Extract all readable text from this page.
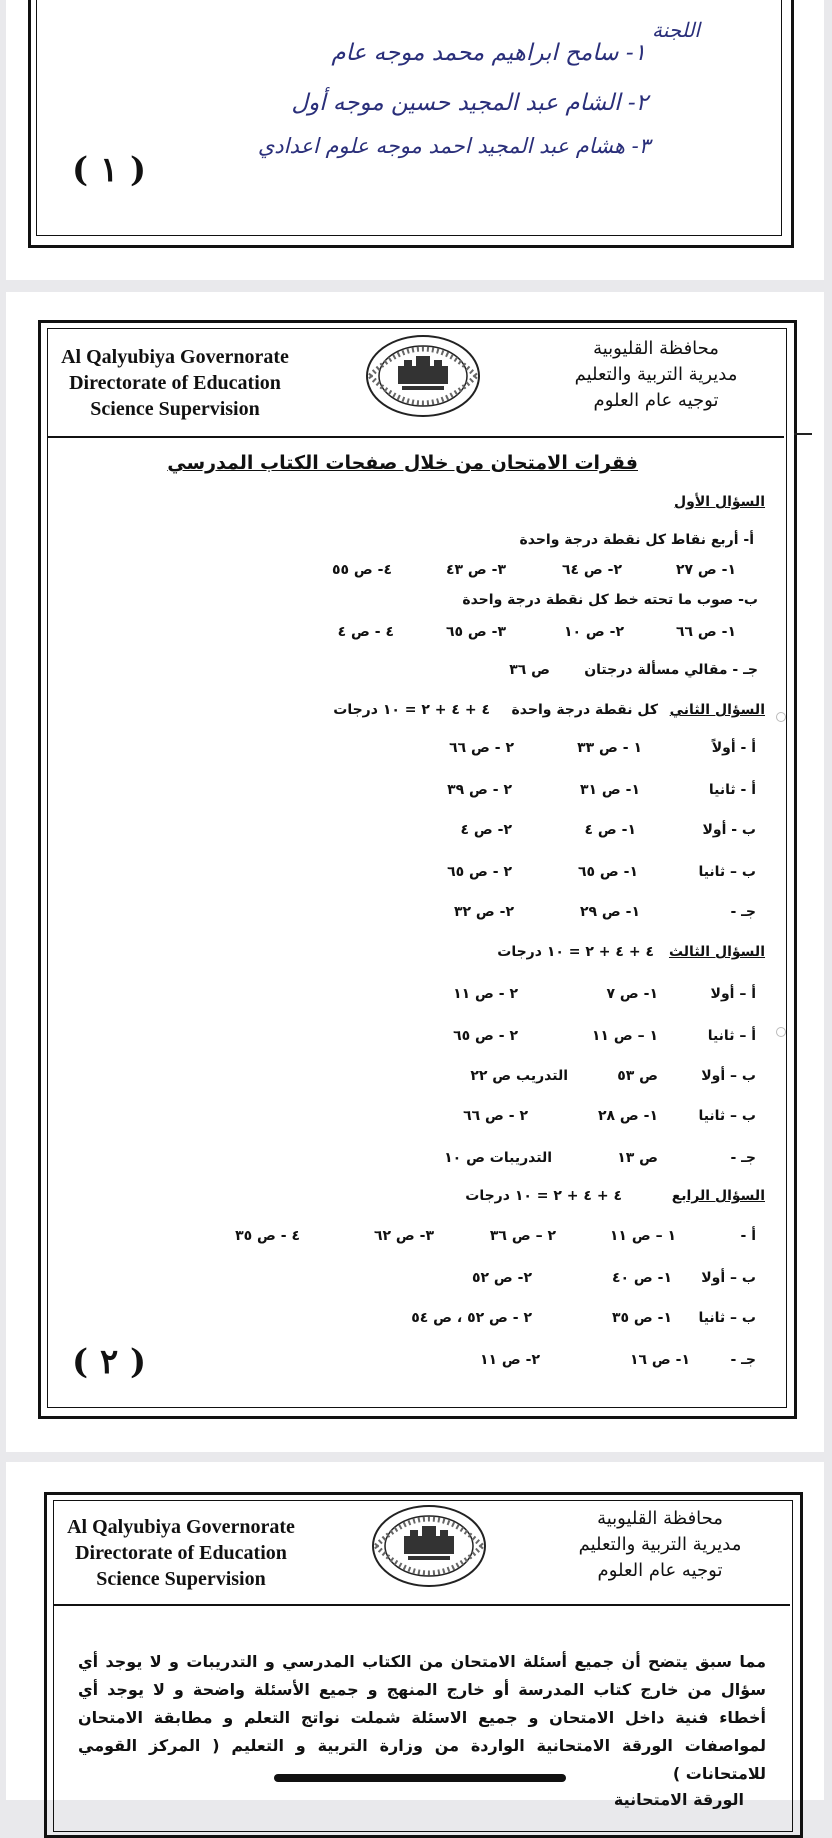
اللجنة
١- سامح ابراهيم محمد موجه عام
٢- الشام عبد المجيد حسين موجه أول
٣- هشام عبد المجيد احمد موجه علوم اعدادي
( ١ )
Al Qalyubiya Governorate
Directorate of Education
Science Supervision
محافظة القليوبية
مديرية التربية والتعليم
توجيه عام العلوم
فقرات الامتحان من خلال صفحات الكتاب المدرسي
السؤال الأول
أ- أربع نقاط كل نقطة درجة واحدة
١- ص ٢٧
٢- ص ٦٤
٣- ص ٤٣
٤- ص ٥٥
ب- صوب ما تحته خط كل نقطة درجة واحدة
١- ص ٦٦
٢- ص ١٠
٣- ص ٦٥
٤ - ص ٤
جـ - مقالي مسألة درجتان
ص ٣٦
السؤال الثاني
كل نقطة درجة واحدة
٤ + ٤ + ٢ = ١٠ درجات
أ - أولاً
١ - ص ٣٣
٢ - ص ٦٦
أ - ثانيا
١- ص ٣١
٢ - ص ٣٩
ب - أولا
١- ص ٤
٢- ص ٤
ب – ثانيا
١- ص ٦٥
٢ - ص ٦٥
جـ -
١- ص ٢٩
٢- ص ٣٢
السؤال الثالث
٤ + ٤ + ٢ = ١٠ درجات
أ – أولا
١- ص ٧
٢ - ص ١١
أ – ثانيا
١ – ص ١١
٢ - ص ٦٥
ب – أولا
ص ٥٣
التدريب ص ٢٢
ب – ثانيا
١- ص ٢٨
٢ - ص ٦٦
جـ -
ص ١٣
التدريبات ص ١٠
السؤال الرابع
٤ + ٤ + ٢ = ١٠ درجات
أ -
١ – ص ١١
٢ – ص ٣٦
٣- ص ٦٢
٤ - ص ٣٥
ب – أولا
١- ص ٤٠
٢- ص ٥٢
ب – ثانيا
١- ص ٣٥
٢ - ص ٥٢ ، ص ٥٤
جـ -
١- ص ١٦
٢- ص ١١
( ٢ )
Al Qalyubiya Governorate
Directorate of Education
Science Supervision
محافظة القليوبية
مديرية التربية والتعليم
توجيه عام العلوم
مما سبق يتضح أن جميع أسئلة الامتحان من الكتاب المدرسي و التدريبات و لا يوجد أي سؤال من خارج كتاب المدرسة أو خارج المنهج و جميع الأسئلة واضحة و لا يوجد أي أخطاء فنية داخل الامتحان و جميع الاسئلة شملت نواتج التعلم و مطابقة الامتحان لمواصفات الورقة الامتحانية الواردة من وزارة التربية و التعليم ( المركز القومي للامتحانات )
الورقة الامتحانية
